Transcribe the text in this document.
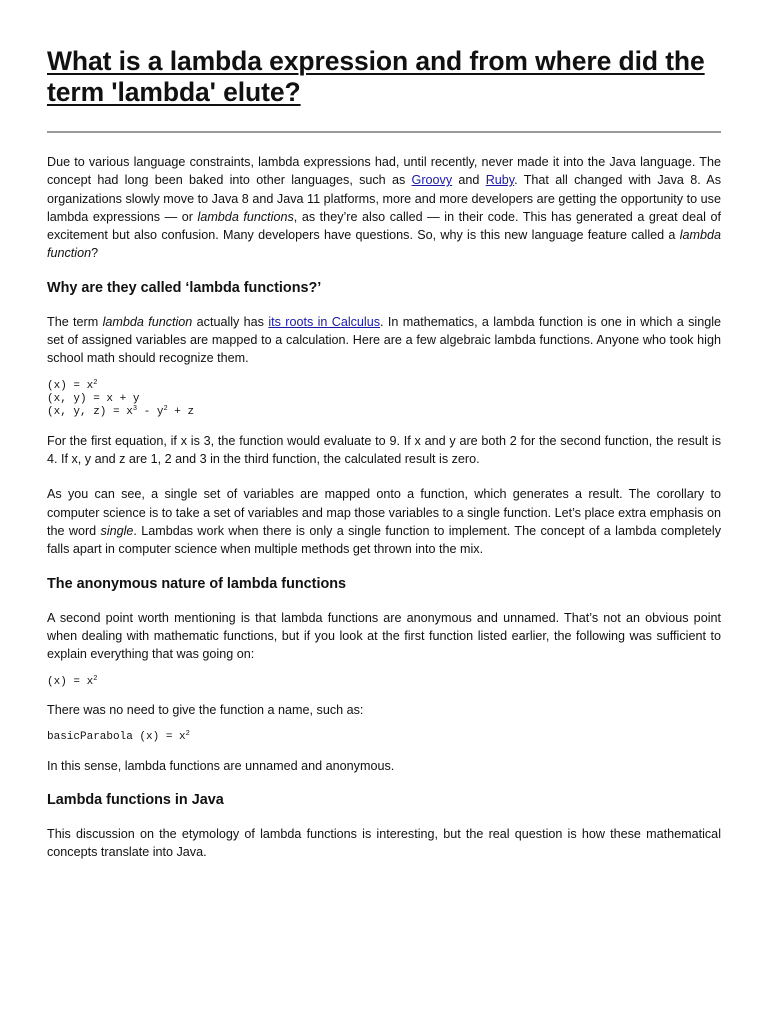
What is a lambda expression and from where did the term 'lambda' elute?

Due to various language constraints, lambda expressions had, until recently, never made it into the Java language. The concept had long been baked into other languages, such as Groovy and Ruby. That all changed with Java 8. As organizations slowly move to Java 8 and Java 11 platforms, more and more developers are getting the opportunity to use lambda expressions — or lambda functions, as they’re also called — in their code. This has generated a great deal of excitement but also confusion. Many developers have questions. So, why is this new language feature called a lambda function?

Why are they called ‘lambda functions?’

The term lambda function actually has its roots in Calculus. In mathematics, a lambda function is one in which a single set of assigned variables are mapped to a calculation. Here are a few algebraic lambda functions. Anyone who took high school math should recognize them.

$(x) = x^2$
(x, y) = x + y
(x, y, $z) = x^3 - y^2 + z$

For the first equation, if x is 3, the function would evaluate to 9. If x and y are both 2 for the second function, the result is 4. If x, y and z are 1, 2 and 3 in the third function, the calculated result is zero.

As you can see, a single set of variables are mapped onto a function, which generates a result. The corollary to computer science is to take a set of variables and map those variables to a single function. Let’s place extra emphasis on the word single. Lambdas work when there is only a single function to implement. The concept of a lambda completely falls apart in computer science when multiple methods get thrown into the mix.

The anonymous nature of lambda functions

A second point worth mentioning is that lambda functions are anonymous and unnamed. That’s not an obvious point when dealing with mathematic functions, but if you look at the first function listed earlier, the following was sufficient to explain everything that was going on:

$(x) = x^2$

There was no need to give the function a name, such as:

basicParabola $(x) = x^2$

In this sense, lambda functions are unnamed and anonymous.

Lambda functions in Java

This discussion on the etymology of lambda functions is interesting, but the real question is how these mathematical concepts translate into Java.
